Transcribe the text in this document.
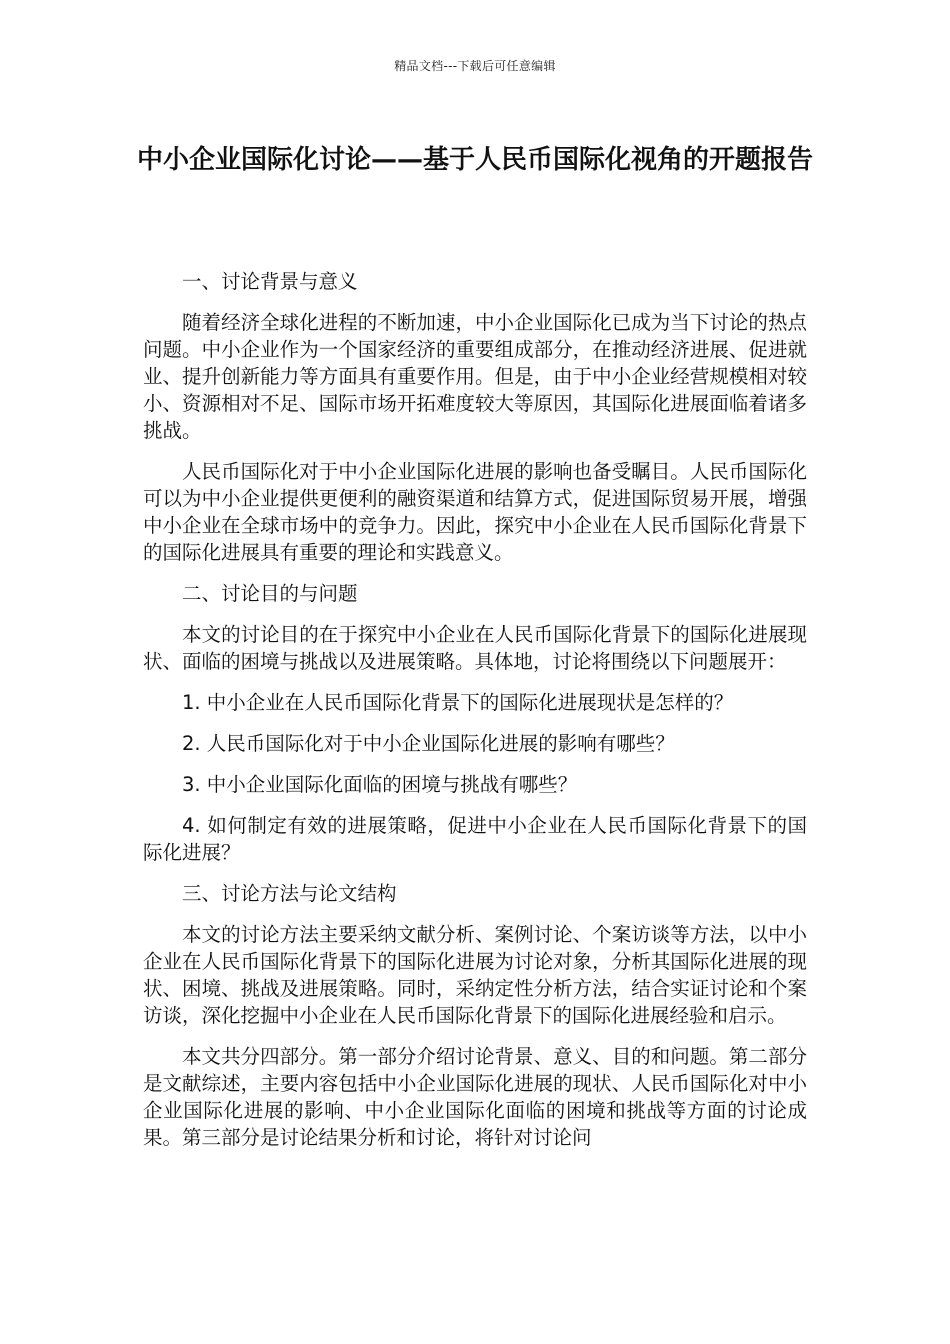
精品文档---下载后可任意编辑
中小企业国际化讨论——基于人民币国际化视角的开题报告

一、讨论背景与意义

随着经济全球化进程的不断加速，中小企业国际化已成为当下讨论的热点问题。中小企业作为一个国家经济的重要组成部分，在推动经济进展、促进就业、提升创新能力等方面具有重要作用。但是，由于中小企业经营规模相对较小、资源相对不足、国际市场开拓难度较大等原因，其国际化进展面临着诸多挑战。

人民币国际化对于中小企业国际化进展的影响也备受瞩目。人民币国际化可以为中小企业提供更便利的融资渠道和结算方式，促进国际贸易开展，增强中小企业在全球市场中的竞争力。因此，探究中小企业在人民币国际化背景下的国际化进展具有重要的理论和实践意义。

二、讨论目的与问题

本文的讨论目的在于探究中小企业在人民币国际化背景下的国际化进展现状、面临的困境与挑战以及进展策略。具体地，讨论将围绕以下问题展开：

1. 中小企业在人民币国际化背景下的国际化进展现状是怎样的？

2. 人民币国际化对于中小企业国际化进展的影响有哪些？

3. 中小企业国际化面临的困境与挑战有哪些？

4. 如何制定有效的进展策略，促进中小企业在人民币国际化背景下的国际化进展？

三、讨论方法与论文结构

本文的讨论方法主要采纳文献分析、案例讨论、个案访谈等方法，以中小企业在人民币国际化背景下的国际化进展为讨论对象，分析其国际化进展的现状、困境、挑战及进展策略。同时，采纳定性分析方法，结合实证讨论和个案访谈，深化挖掘中小企业在人民币国际化背景下的国际化进展经验和启示。

本文共分四部分。第一部分介绍讨论背景、意义、目的和问题。第二部分是文献综述，主要内容包括中小企业国际化进展的现状、人民币国际化对中小企业国际化进展的影响、中小企业国际化面临的困境和挑战等方面的讨论成果。第三部分是讨论结果分析和讨论，将针对讨论问
